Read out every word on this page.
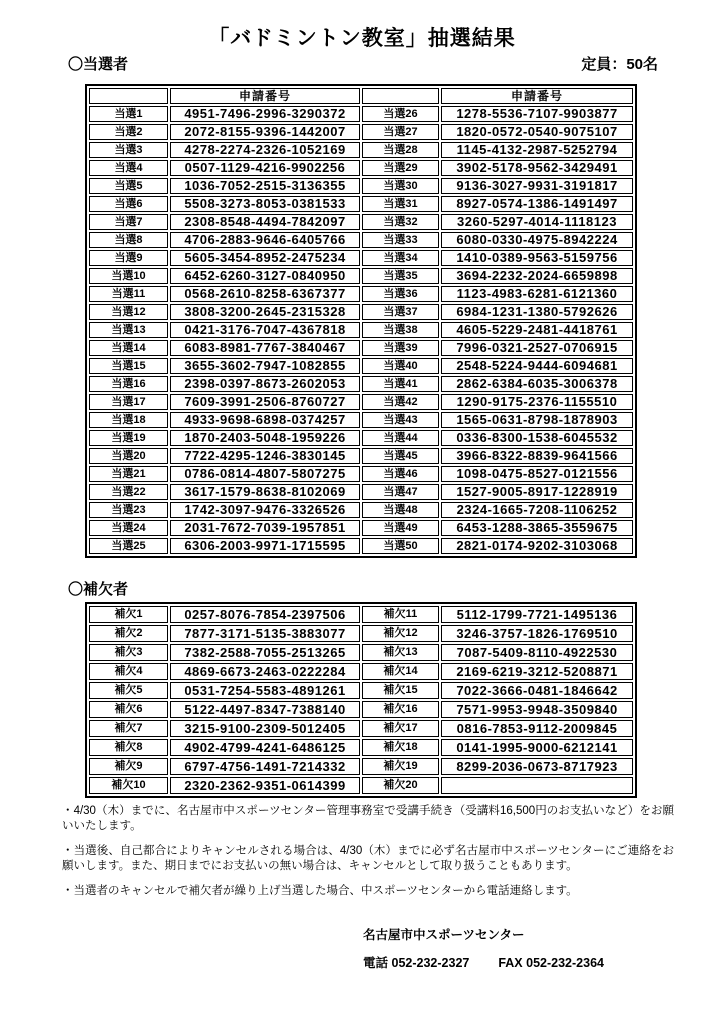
「バドミントン教室」抽選結果
〇当選者	定員：50名
	申請番号		申請番号
当選1	4951-7496-2996-3290372	当選26	1278-5536-7107-9903877
当選2	2072-8155-9396-1442007	当選27	1820-0572-0540-9075107
当選3	4278-2274-2326-1052169	当選28	1145-4132-2987-5252794
当選4	0507-1129-4216-9902256	当選29	3902-5178-9562-3429491
当選5	1036-7052-2515-3136355	当選30	9136-3027-9931-3191817
当選6	5508-3273-8053-0381533	当選31	8927-0574-1386-1491497
当選7	2308-8548-4494-7842097	当選32	3260-5297-4014-1118123
当選8	4706-2883-9646-6405766	当選33	6080-0330-4975-8942224
当選9	5605-3454-8952-2475234	当選34	1410-0389-9563-5159756
当選10	6452-6260-3127-0840950	当選35	3694-2232-2024-6659898
当選11	0568-2610-8258-6367377	当選36	1123-4983-6281-6121360
当選12	3808-3200-2645-2315328	当選37	6984-1231-1380-5792626
当選13	0421-3176-7047-4367818	当選38	4605-5229-2481-4418761
当選14	6083-8981-7767-3840467	当選39	7996-0321-2527-0706915
当選15	3655-3602-7947-1082855	当選40	2548-5224-9444-6094681
当選16	2398-0397-8673-2602053	当選41	2862-6384-6035-3006378
当選17	7609-3991-2506-8760727	当選42	1290-9175-2376-1155510
当選18	4933-9698-6898-0374257	当選43	1565-0631-8798-1878903
当選19	1870-2403-5048-1959226	当選44	0336-8300-1538-6045532
当選20	7722-4295-1246-3830145	当選45	3966-8322-8839-9641566
当選21	0786-0814-4807-5807275	当選46	1098-0475-8527-0121556
当選22	3617-1579-8638-8102069	当選47	1527-9005-8917-1228919
当選23	1742-3097-9476-3326526	当選48	2324-1665-7208-1106252
当選24	2031-7672-7039-1957851	当選49	6453-1288-3865-3559675
当選25	6306-2003-9971-1715595	当選50	2821-0174-9202-3103068
〇補欠者
補欠1	0257-8076-7854-2397506	補欠11	5112-1799-7721-1495136
補欠2	7877-3171-5135-3883077	補欠12	3246-3757-1826-1769510
補欠3	7382-2588-7055-2513265	補欠13	7087-5409-8110-4922530
補欠4	4869-6673-2463-0222284	補欠14	2169-6219-3212-5208871
補欠5	0531-7254-5583-4891261	補欠15	7022-3666-0481-1846642
補欠6	5122-4497-8347-7388140	補欠16	7571-9953-9948-3509840
補欠7	3215-9100-2309-5012405	補欠17	0816-7853-9112-2009845
補欠8	4902-4799-4241-6486125	補欠18	0141-1995-9000-6212141
補欠9	6797-4756-1491-7214332	補欠19	8299-2036-0673-8717923
補欠10	2320-2362-9351-0614399	補欠20	

・4/30（木）までに、名古屋市中スポーツセンター管理事務室で受講手続き（受講料16,500円のお支払いなど）をお願いいたします。

・当選後、自己都合によりキャンセルされる場合は、4/30（木）までに必ず名古屋市中スポーツセンターにご連絡をお願いします。また、期日までにお支払いの無い場合は、キャンセルとして取り扱うこともあります。

・当選者のキャンセルで補欠者が繰り上げ当選した場合、中スポーツセンターから電話連絡します。

名古屋市中スポーツセンター
電話 052-232-2327 FAX 052-232-2364
